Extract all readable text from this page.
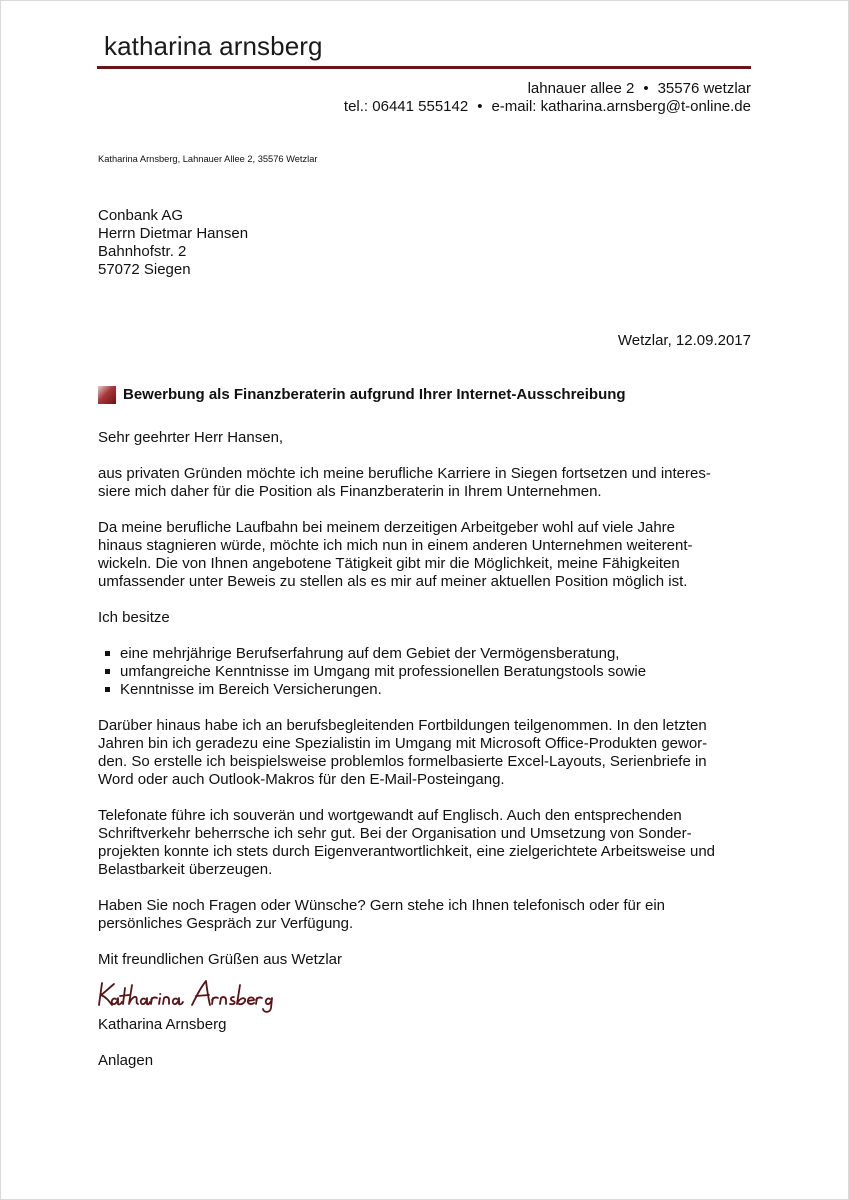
katharina arnsberg
lahnauer allee 2 • 35576 wetzlar
tel.: 06441 555142 • e-mail: katharina.arnsberg@t-online.de
Katharina Arnsberg, Lahnauer Allee 2, 35576 Wetzlar
Conbank AG
Herrn Dietmar Hansen
Bahnhofstr. 2
57072 Siegen
Wetzlar, 12.09.2017
Bewerbung als Finanzberaterin aufgrund Ihrer Internet-Ausschreibung

Sehr geehrter Herr Hansen,

aus privaten Gründen möchte ich meine berufliche Karriere in Siegen fortsetzen und interes-
siere mich daher für die Position als Finanzberaterin in Ihrem Unternehmen.

Da meine berufliche Laufbahn bei meinem derzeitigen Arbeitgeber wohl auf viele Jahre
hinaus stagnieren würde, möchte ich mich nun in einem anderen Unternehmen weiterent-
wickeln. Die von Ihnen angebotene Tätigkeit gibt mir die Möglichkeit, meine Fähigkeiten
umfassender unter Beweis zu stellen als es mir auf meiner aktuellen Position möglich ist.

Ich besitze

eine mehrjährige Berufserfahrung auf dem Gebiet der Vermögensberatung,
umfangreiche Kenntnisse im Umgang mit professionellen Beratungstools sowie
Kenntnisse im Bereich Versicherungen.

Darüber hinaus habe ich an berufsbegleitenden Fortbildungen teilgenommen. In den letzten
Jahren bin ich geradezu eine Spezialistin im Umgang mit Microsoft Office-Produkten gewor-
den. So erstelle ich beispielsweise problemlos formelbasierte Excel-Layouts, Serienbriefe in
Word oder auch Outlook-Makros für den E-Mail-Posteingang.

Telefonate führe ich souverän und wortgewandt auf Englisch. Auch den entsprechenden
Schriftverkehr beherrsche ich sehr gut. Bei der Organisation und Umsetzung von Sonder-
projekten konnte ich stets durch Eigenverantwortlichkeit, eine zielgerichtete Arbeitsweise und
Belastbarkeit überzeugen.

Haben Sie noch Fragen oder Wünsche? Gern stehe ich Ihnen telefonisch oder für ein
persönliches Gespräch zur Verfügung.

Mit freundlichen Grüßen aus Wetzlar

Katharina Arnsberg
Anlagen
